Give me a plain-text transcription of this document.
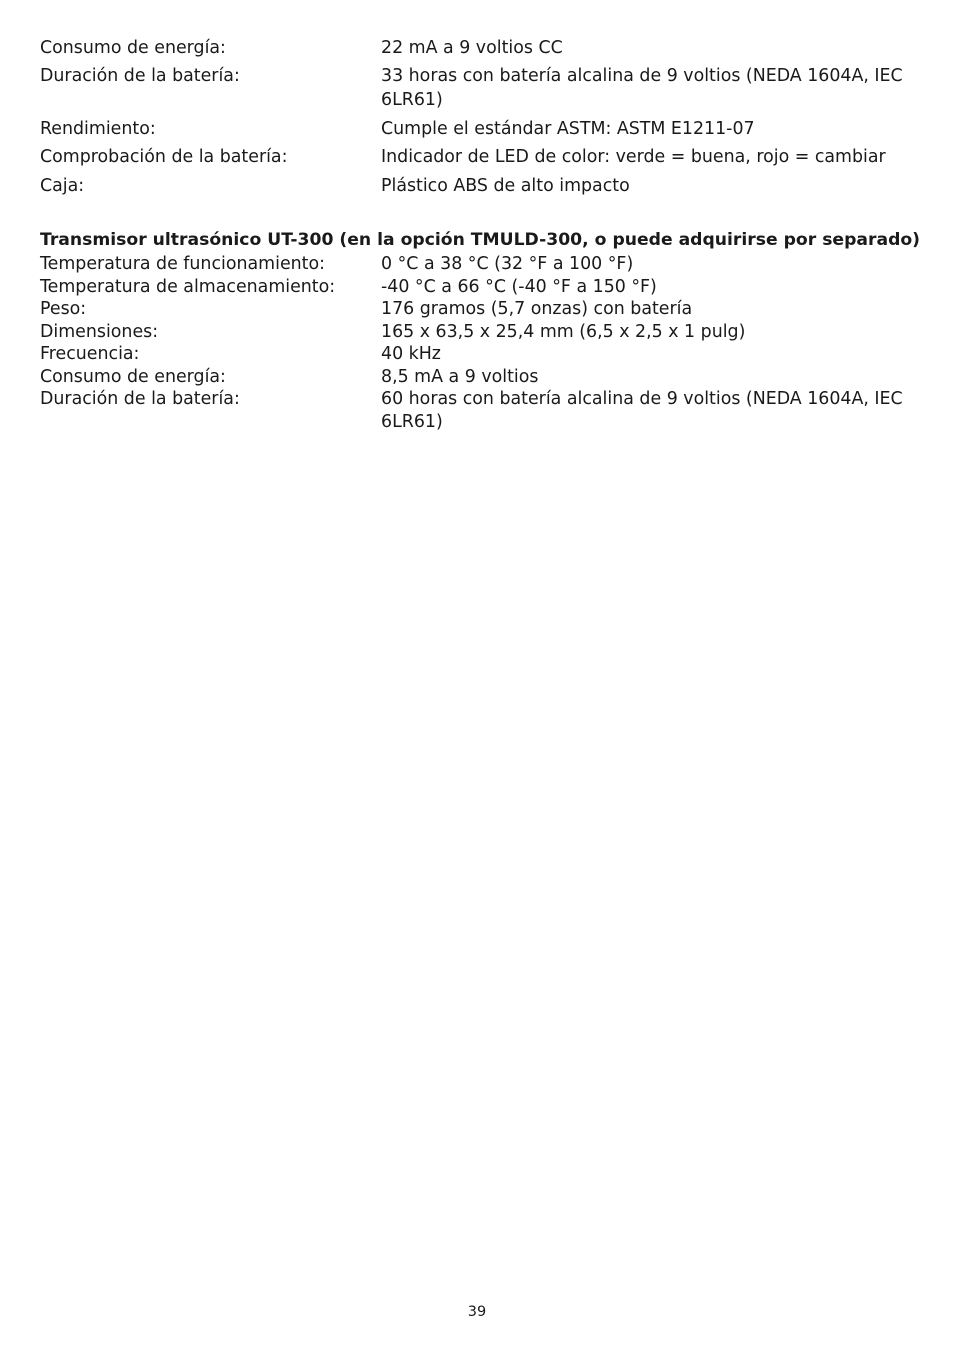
Consumo de energía:	22 mA a 9 voltios CC
Duración de la batería:	33 horas con batería alcalina de 9 voltios (NEDA 1604A, IEC 6LR61)
Rendimiento:	Cumple el estándar ASTM: ASTM E1211-07
Comprobación de la batería:	Indicador de LED de color: verde = buena, rojo = cambiar
Caja:	Plástico ABS de alto impacto
Transmisor ultrasónico UT-300 (en la opción TMULD-300, o puede adquirirse por separado)
Temperatura de funcionamiento:	0 °C a 38 °C (32 °F a 100 °F)
Temperatura de almacenamiento:	-40 °C a 66 °C (-40 °F a 150 °F)
Peso:	176 gramos (5,7 onzas) con batería
Dimensiones:	165 x 63,5 x 25,4 mm (6,5 x 2,5 x 1 pulg)
Frecuencia:	40 kHz
Consumo de energía:	8,5 mA a 9 voltios
Duración de la batería:	60 horas con batería alcalina de 9 voltios (NEDA 1604A, IEC 6LR61)
39
